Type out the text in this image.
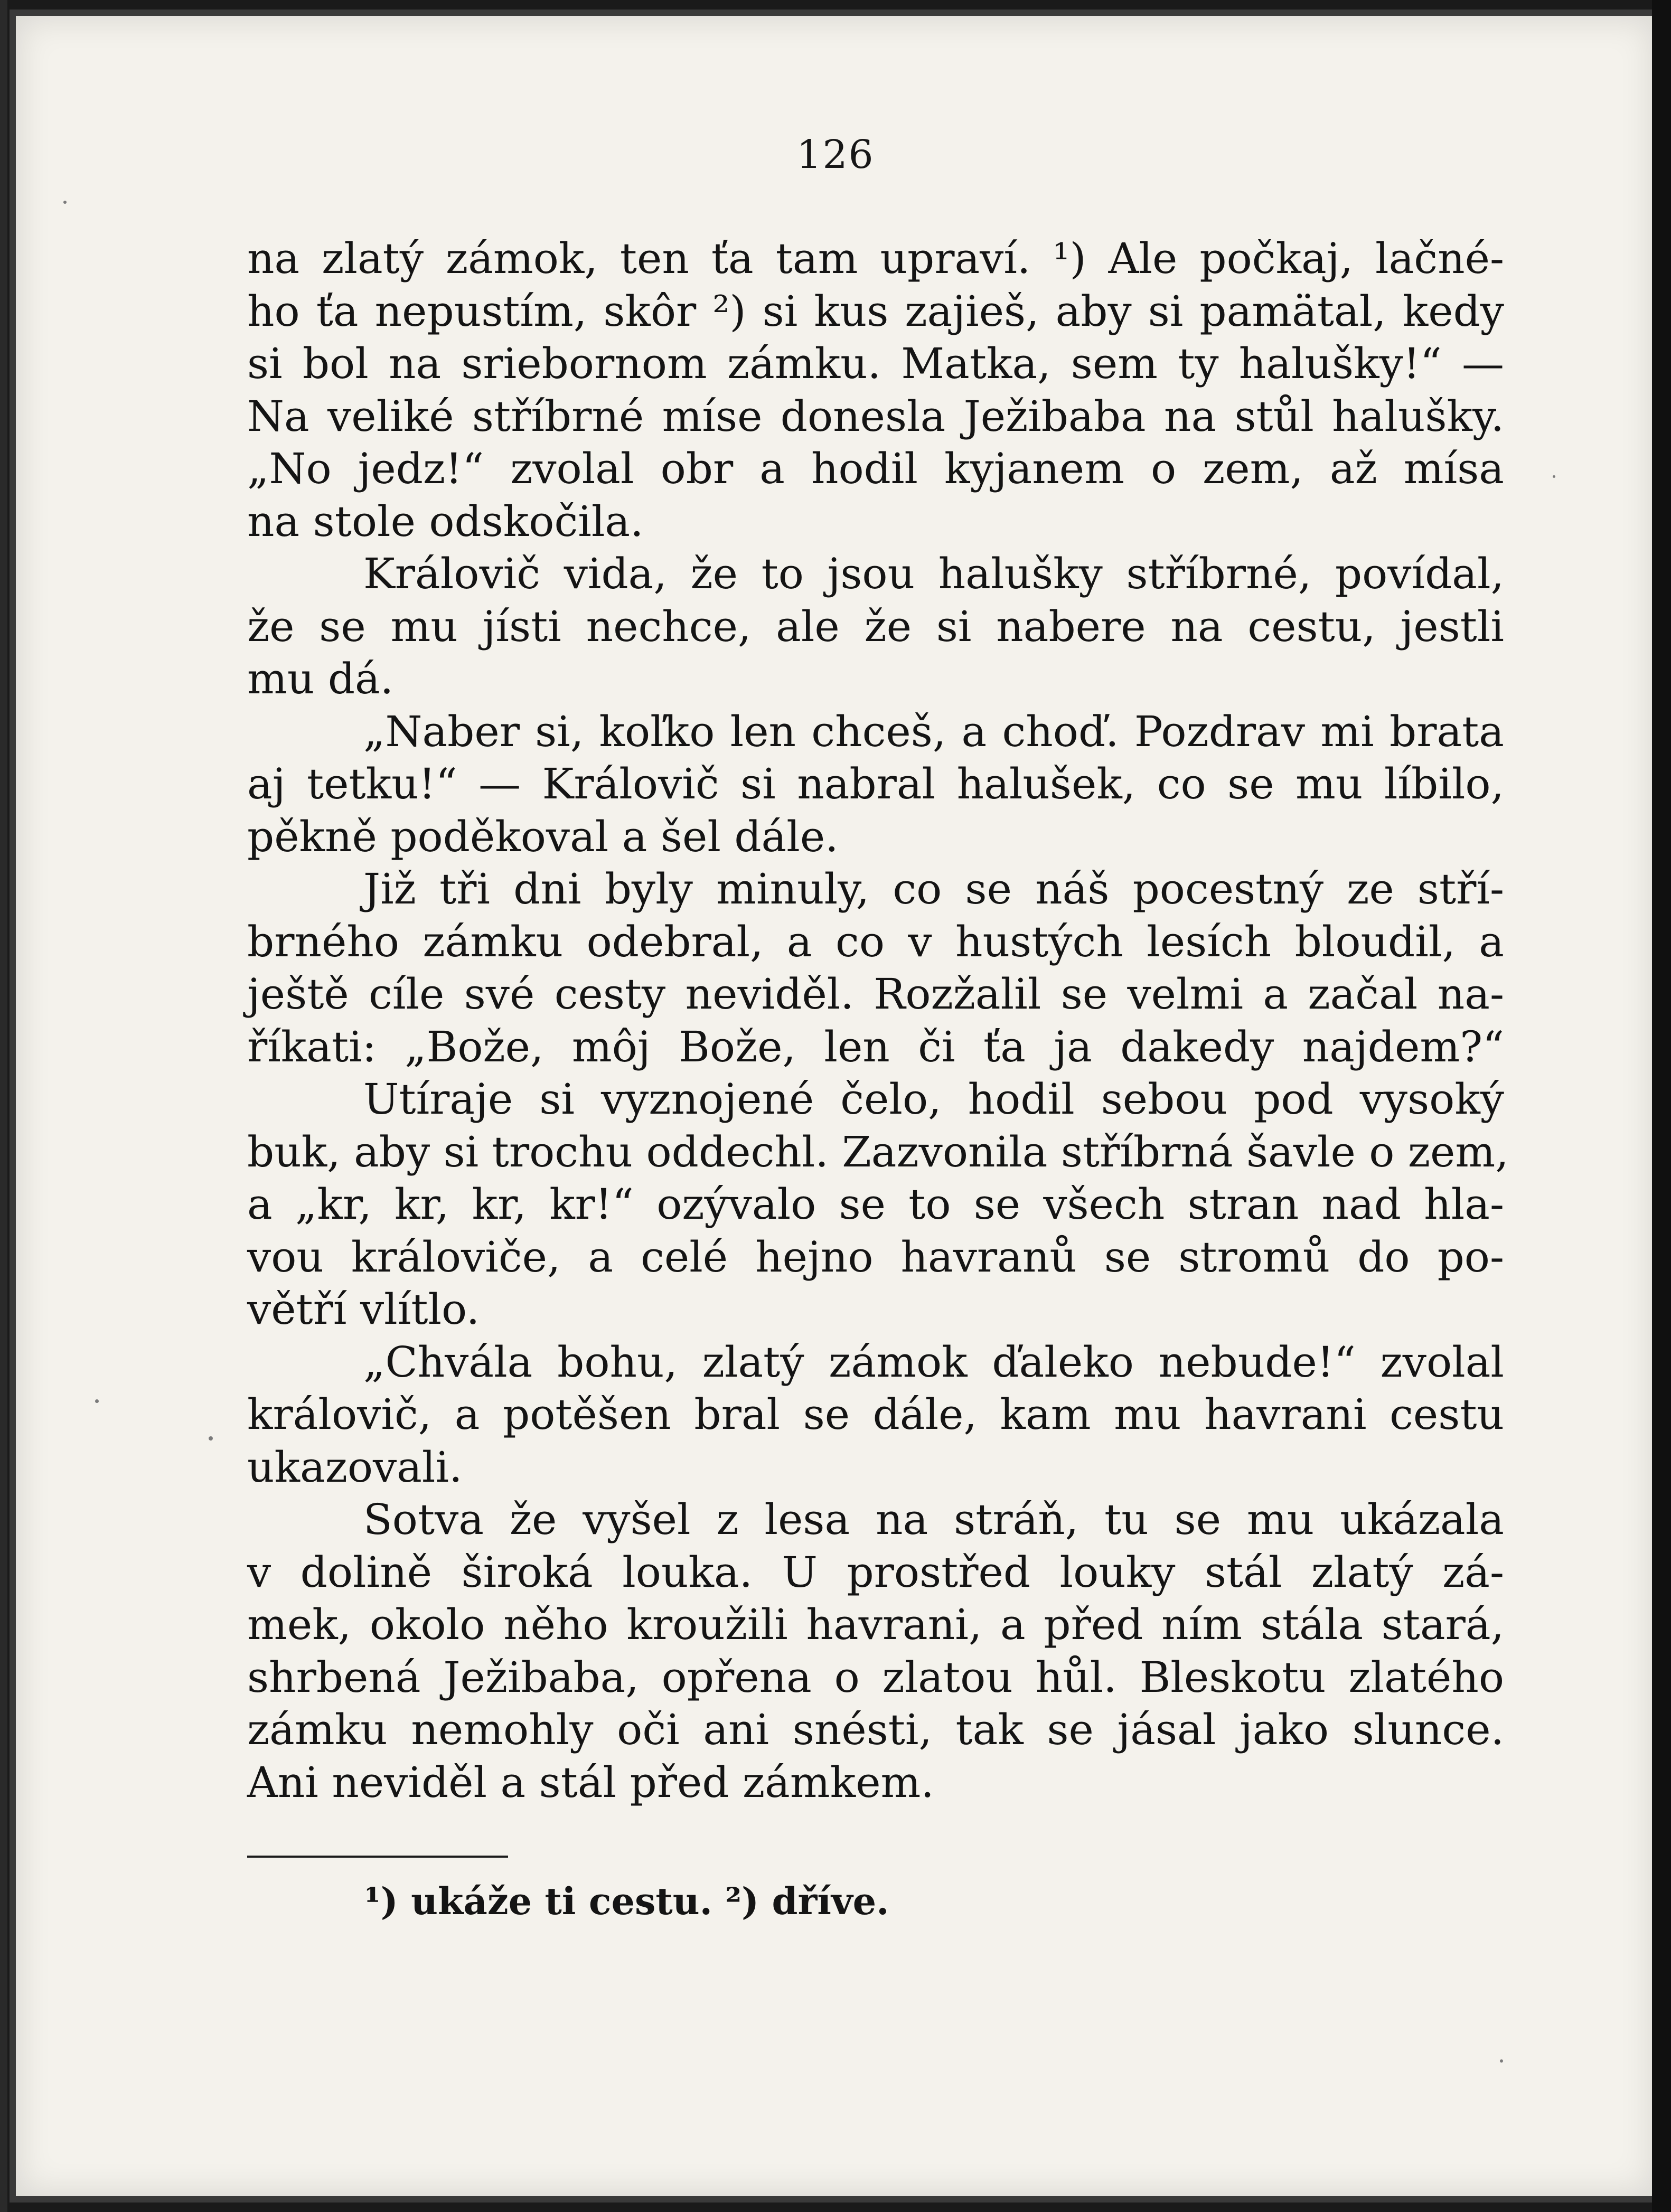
126
na zlatý zámok, ten ťa tam upraví. ¹) Ale počkaj, lačné-
ho ťa nepustím, skôr ²) si kus zajieš, aby si pamätal, kedy
si bol na sriebornom zámku. Matka, sem ty halušky!“ —
Na veliké stříbrné míse donesla Ježibaba na stůl halušky.
„No jedz!“ zvolal obr a hodil kyjanem o zem, až mísa
na stole odskočila.
Královič vida, že to jsou halušky stříbrné, povídal,
že se mu jísti nechce, ale že si nabere na cestu, jestli
mu dá.
„Naber si, koľko len chceš, a choď. Pozdrav mi brata
aj tetku!“ — Královič si nabral halušek, co se mu líbilo,
pěkně poděkoval a šel dále.
Již tři dni byly minuly, co se náš pocestný ze stří-
brného zámku odebral, a co v hustých lesích bloudil, a
ještě cíle své cesty neviděl. Rozžalil se velmi a začal na-
říkati: „Bože, môj Bože, len či ťa ja dakedy najdem?“
Utíraje si vyznojené čelo, hodil sebou pod vysoký
buk, aby si trochu oddechl. Zazvonila stříbrná šavle o zem,
a „kr, kr, kr, kr!“ ozývalo se to se všech stran nad hla-
vou královiče, a celé hejno havranů se stromů do po-
větří vlítlo.
„Chvála bohu, zlatý zámok ďaleko nebude!“ zvolal
královič, a potěšen bral se dále, kam mu havrani cestu
ukazovali.
Sotva že vyšel z lesa na stráň, tu se mu ukázala
v dolině široká louka. U prostřed louky stál zlatý zá-
mek, okolo něho kroužili havrani, a před ním stála stará,
shrbená Ježibaba, opřena o zlatou hůl. Bleskotu zlatého
zámku nemohly oči ani snésti, tak se jásal jako slunce.
Ani neviděl a stál před zámkem.
¹) ukáže ti cestu. ²) dříve.
